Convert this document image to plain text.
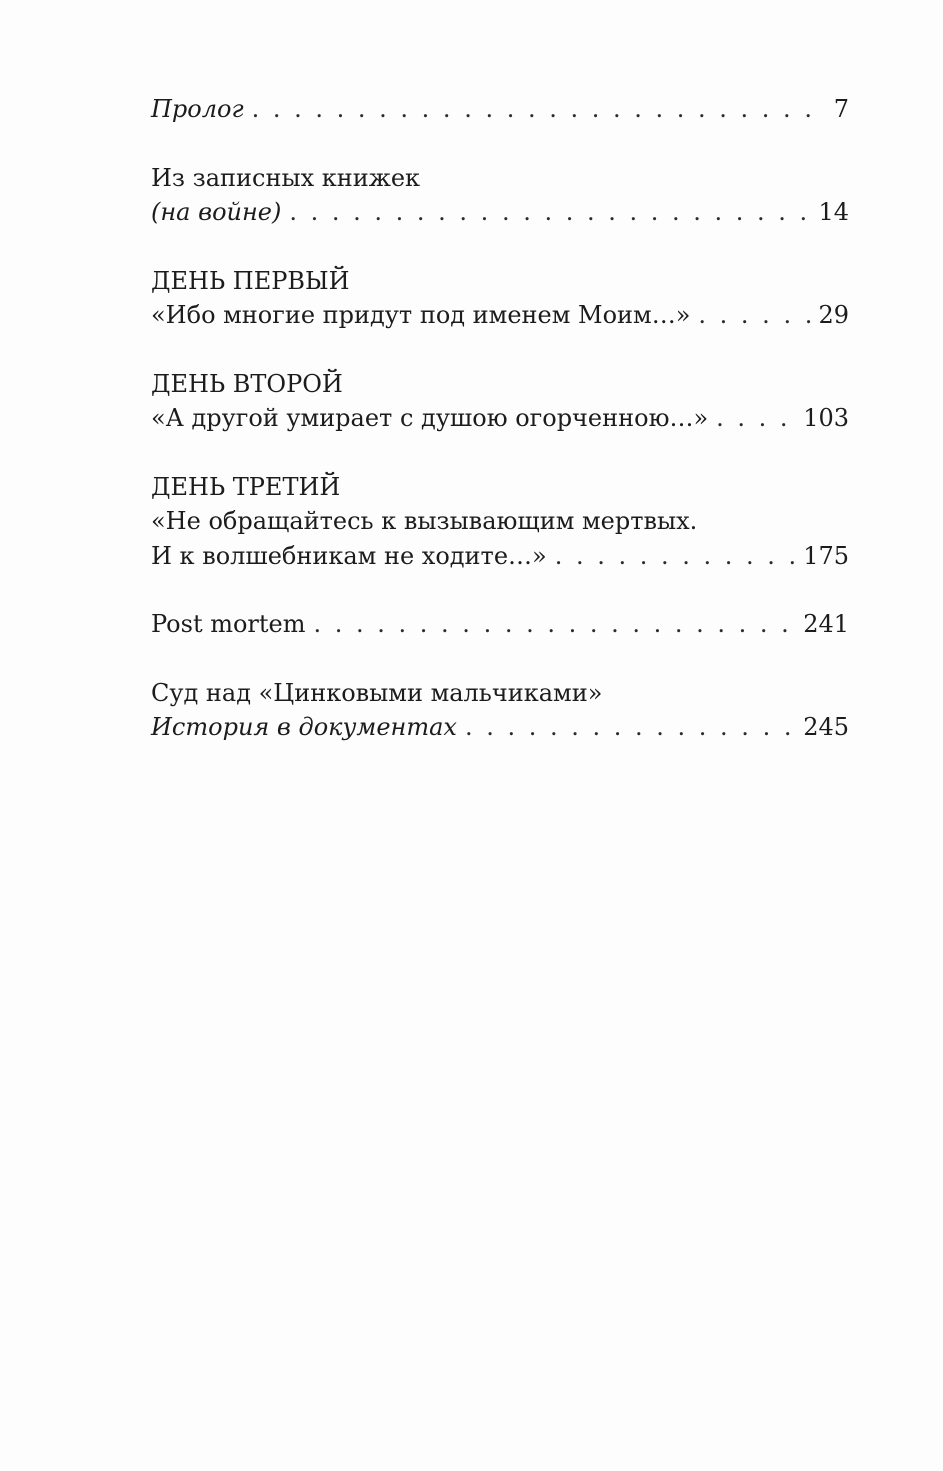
Пролог . . .	7
Из записных книжек
(на войне) . . .	14
ДЕНЬ ПЕРВЫЙ
«Ибо многие придут под именем Моим…» . . .	29
ДЕНЬ ВТОРОЙ
«А другой умирает с душою огорченною…» . . .	103
ДЕНЬ ТРЕТИЙ
«Не обращайтесь к вызывающим мертвых.
И к волшебникам не ходите…» . . .	175
Post mortem . . .	241
Суд над «Цинковыми мальчиками»
История в документах . . .	245
